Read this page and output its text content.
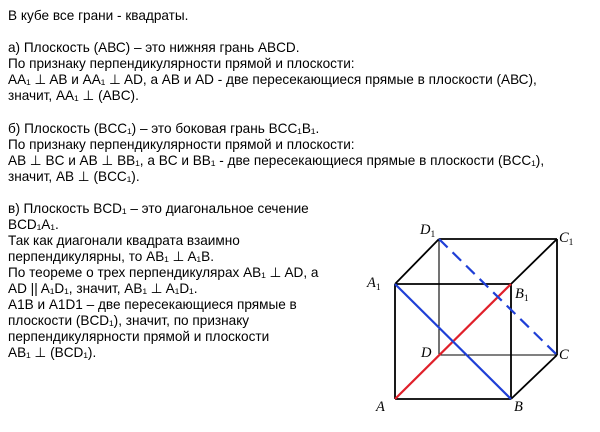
В кубе все грани - квадраты.
а) Плоскость (АВС) – это нижняя грань ABCD.
По признаку перпендикулярности прямой и плоскости:
AA₁ ⊥ AB и AA₁ ⊥ AD, а AB и AD - две пересекающиеся прямые в плоскости (АВС),
значит, AA₁ ⊥ (ABC).
б) Плоскость (BCC₁) – это боковая грань BCC₁B₁.
По признаку перпендикулярности прямой и плоскости:
AB ⊥ BC и AB ⊥ BB₁, а BC и BB₁ - две пересекающиеся прямые в плоскости (BCC₁),
значит, AB ⊥ (BCC₁).
в) Плоскость BCD₁ – это диагональное сечение
BCD₁A₁.
Так как диагонали квадрата взаимно
перпендикулярны, то AB₁ ⊥ A₁B.
По теореме о трех перпендикулярах AB₁ ⊥ AD, а
AD || A₁D₁, значит, AB₁ ⊥ A₁D₁.
A1B и A1D1 – две пересекающиеся прямые в
плоскости (BCD₁), значит, по признаку
перпендикулярности прямой и плоскости
AB₁ ⊥ (BCD₁).
A	B
C
D
$A_1$	$B_1$
$C_1$
$D_1$
